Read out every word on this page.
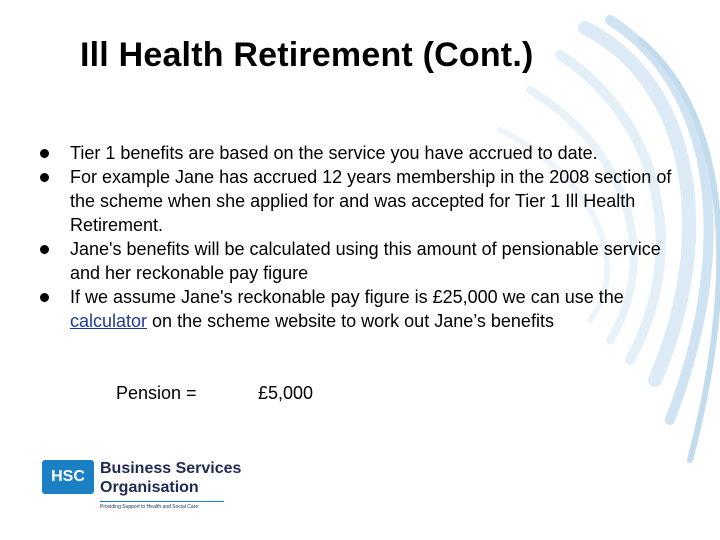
Ill Health Retirement (Cont.)
Tier 1 benefits are based on the service you have accrued to date.
For example Jane has accrued 12 years membership in the 2008 section of the scheme when she applied for and was accepted for Tier 1 Ill Health Retirement.
Jane's benefits will be calculated using this amount of pensionable service and her reckonable pay figure
If we assume Jane's reckonable pay figure is £25,000 we can use the calculator on the scheme website to work out Jane’s benefits
Pension =	£5,000
HSC Business Services
Organisation
Providing Support to Health and Social Care
